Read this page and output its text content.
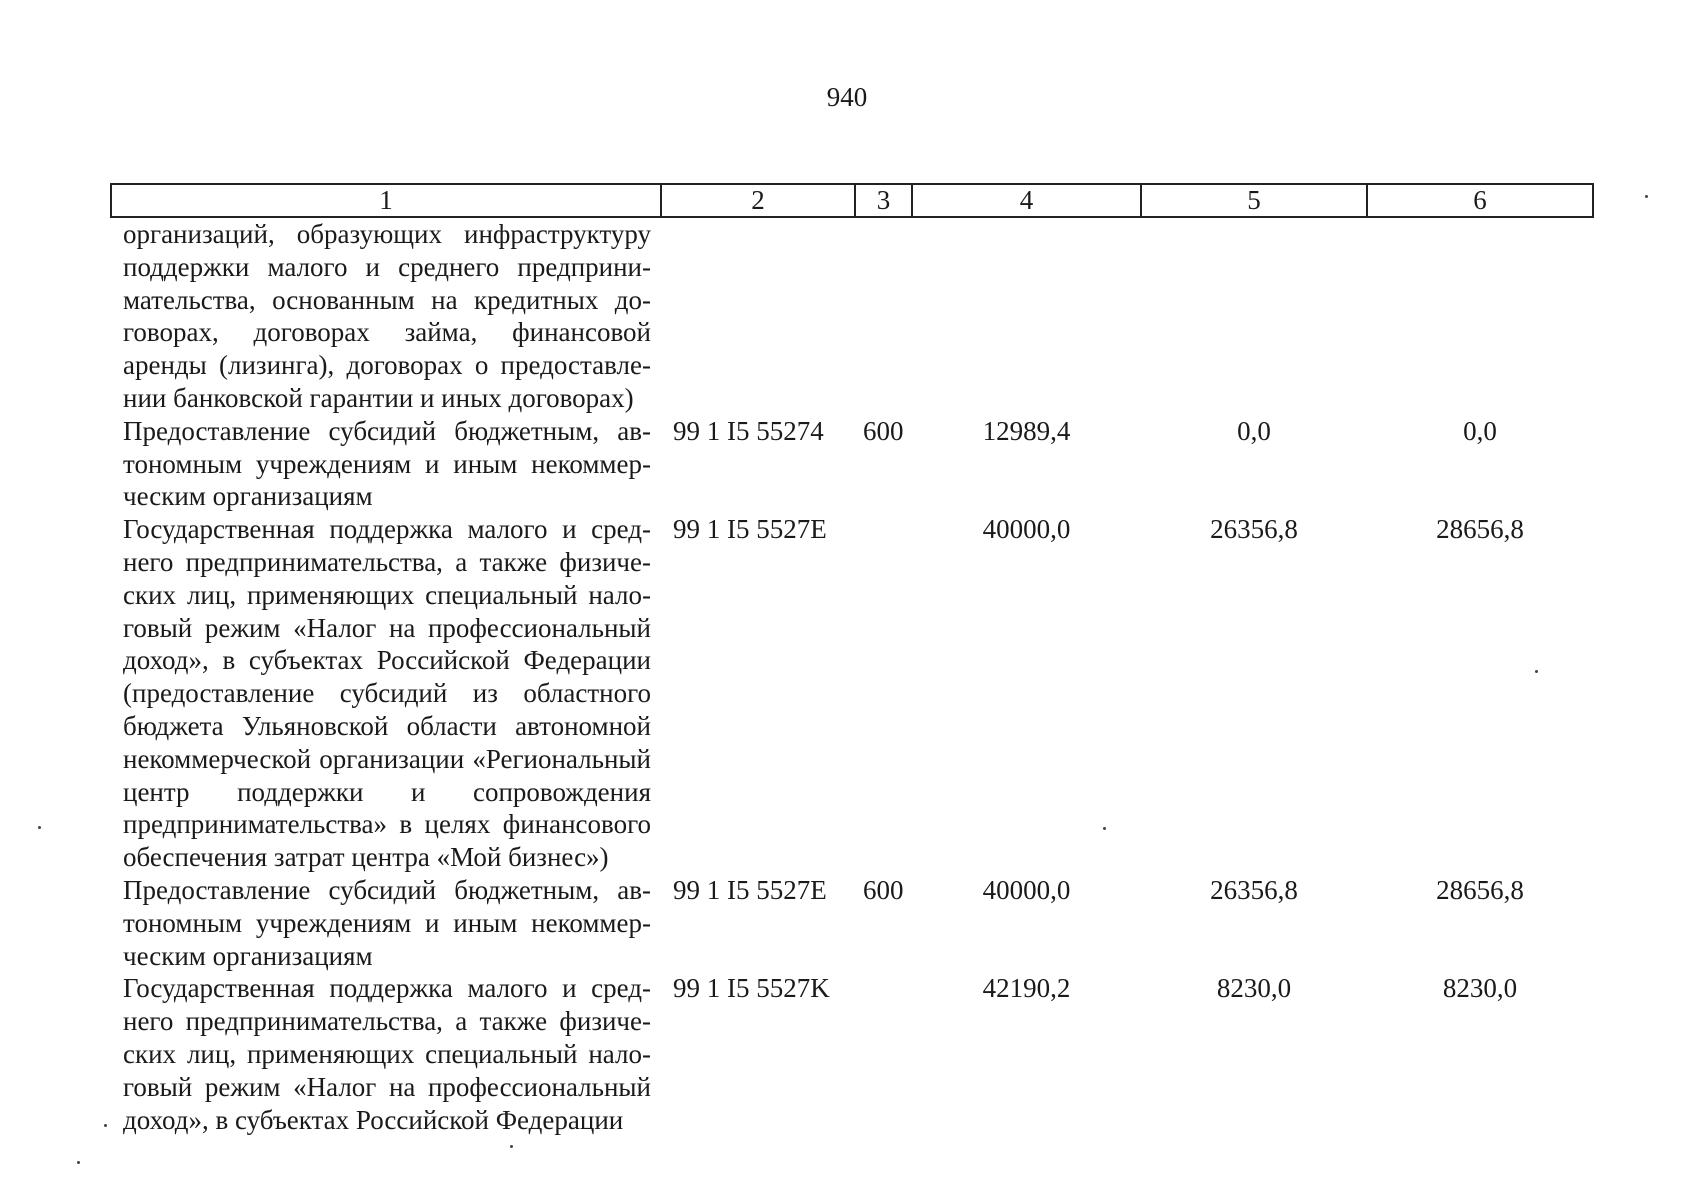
940
1	2	3	4	5	6
организаций, образующих инфраструктуру поддержки малого и среднего предпринимательства, основанным на кредитных договорах, договорах займа, финансовой аренды (лизинга), договорах о предоставлении банковской гарантии и иных договорах)					
Предоставление субсидий бюджетным, автономным учреждениям и иным некоммерческим организациям	99 1 I5 55274	600	12989,4	0,0	0,0
Государственная поддержка малого и среднего предпринимательства, а также физических лиц, применяющих специальный налоговый режим «Налог на профессиональный доход», в субъектах Российской Федерации (предоставление субсидий из областного бюджета Ульяновской области автономной некоммерческой организации «Региональный центр поддержки и сопровождения предпринимательства» в целях финансового обеспечения затрат центра «Мой бизнес»)	99 1 I5 5527E		40000,0	26356,8	28656,8
Предоставление субсидий бюджетным, автономным учреждениям и иным некоммерческим организациям	99 1 I5 5527E	600	40000,0	26356,8	28656,8
Государственная поддержка малого и среднего предпринимательства, а также физических лиц, применяющих специальный налоговый режим «Налог на профессиональный доход», в субъектах Российской Федерации	99 1 I5 5527K		42190,2	8230,0	8230,0
